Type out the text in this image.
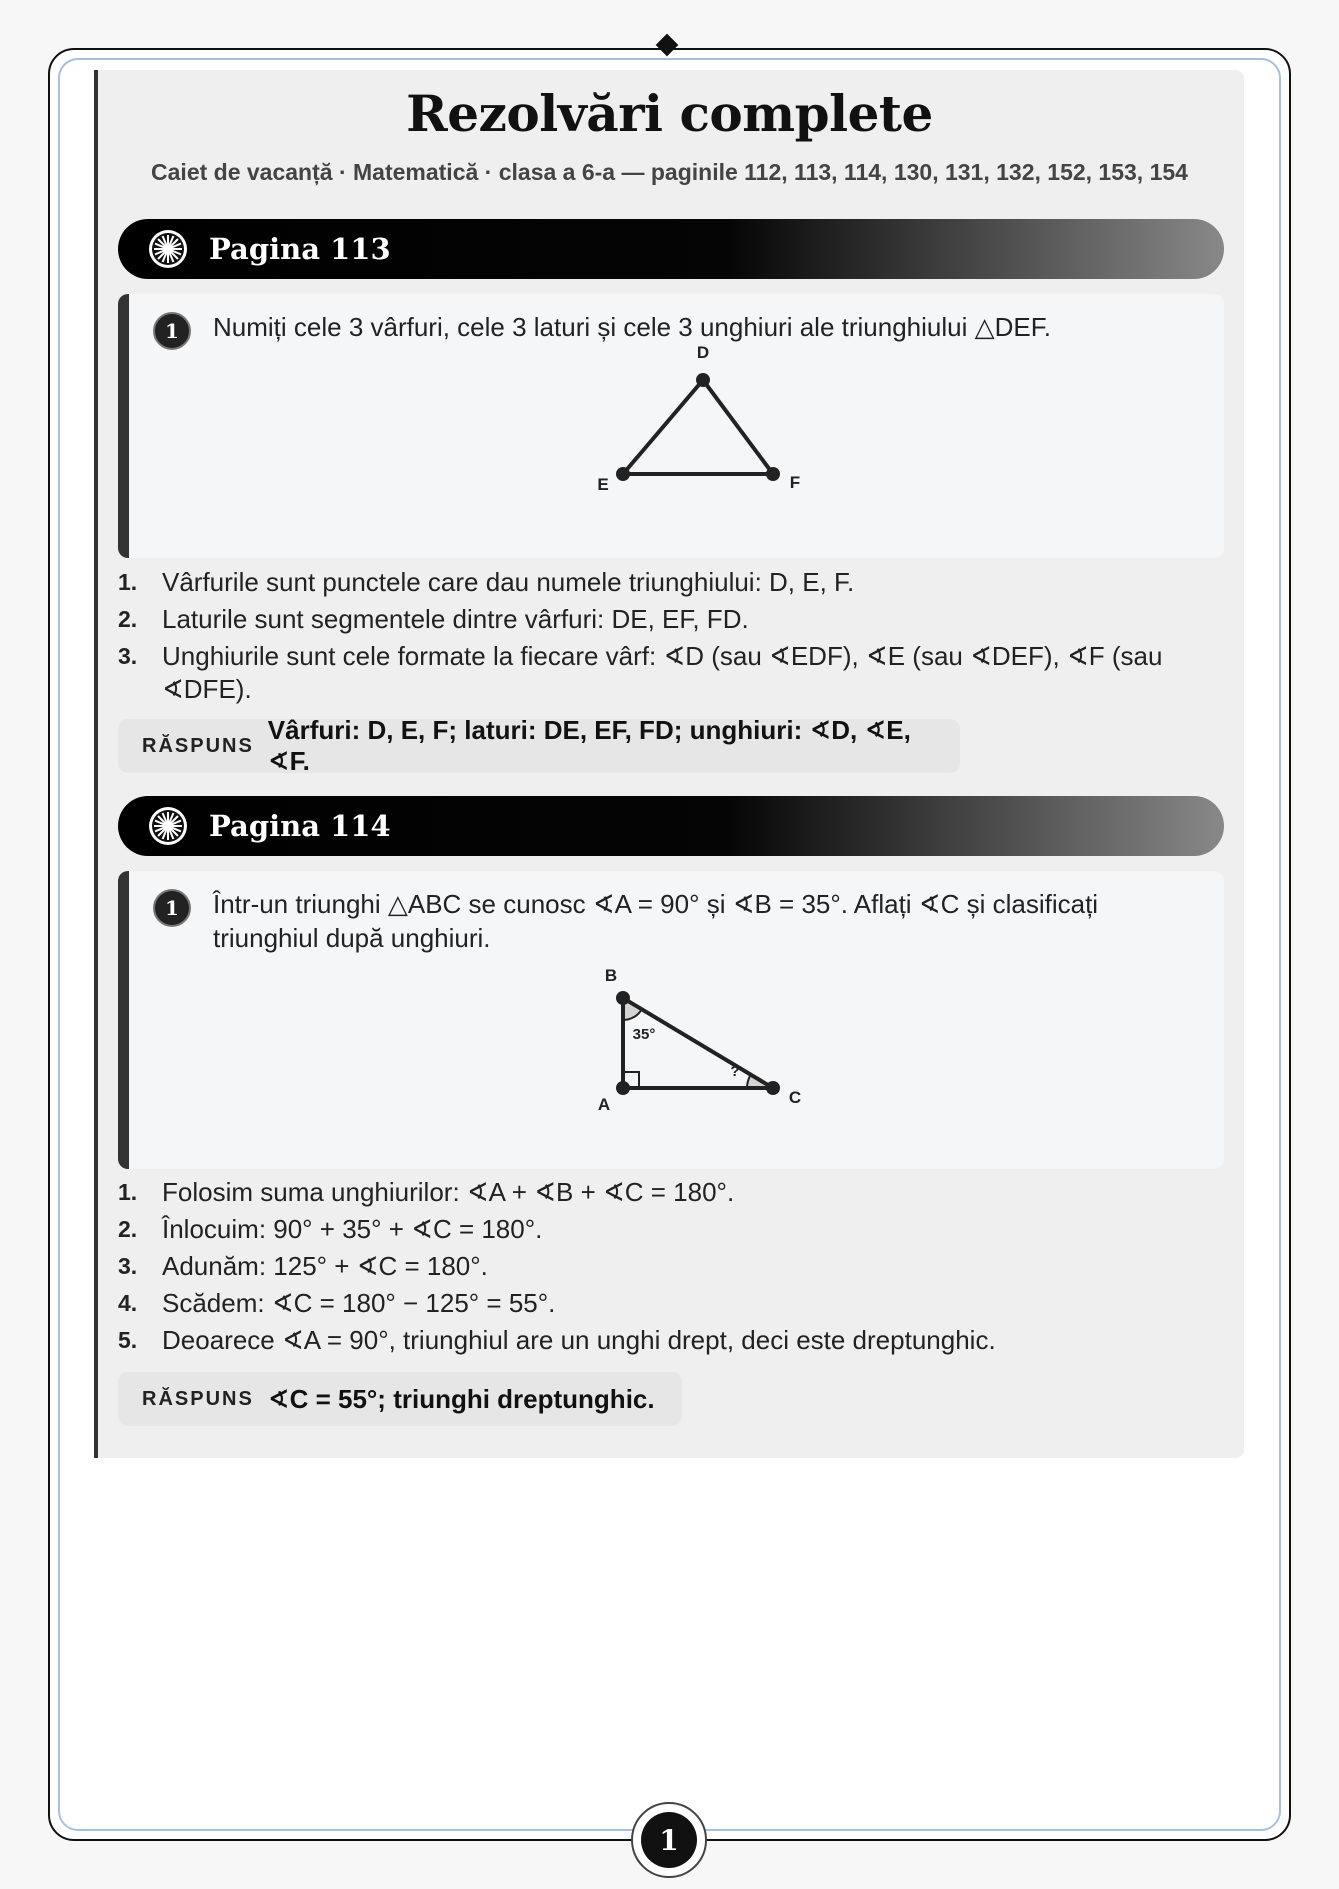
Rezolvări complete
Caiet de vacanță · Matematică · clasa a 6-a — paginile 112, 113, 114, 130, 131, 132, 152, 153, 154
Pagina 113
1	Numiți cele 3 vârfuri, cele 3 laturi și cele 3 unghiuri ale triunghiului △DEF.
D
E	F
1. Vârfurile sunt punctele care dau numele triunghiului: D, E, F.
2. Laturile sunt segmentele dintre vârfuri: DE, EF, FD.
3. Unghiurile sunt cele formate la fiecare vârf: ∢D (sau ∢EDF), ∢E (sau ∢DEF), ∢F (sau ∢DFE).
RĂSPUNS
Vârfuri: D, E, F; laturi: DE, EF, FD; unghiuri: ∢D, ∢E, ∢F.
Pagina 114
1	Într-un triunghi △ABC se cunosc ∢A = 90° și ∢B = 35°. Aflați ∢C și clasificați triunghiul după unghiuri.
B
A	C
35°
?
1. Folosim suma unghiurilor: ∢A + ∢B + ∢C = 180°.
2. Înlocuim: 90° + 35° + ∢C = 180°.
3. Adunăm: 125° + ∢C = 180°.
4. Scădem: ∢C = 180° − 125° = 55°.
5. Deoarece ∢A = 90°, triunghiul are un unghi drept, deci este dreptunghic.
RĂSPUNS ∢C = 55°; triunghi dreptunghic.
1
